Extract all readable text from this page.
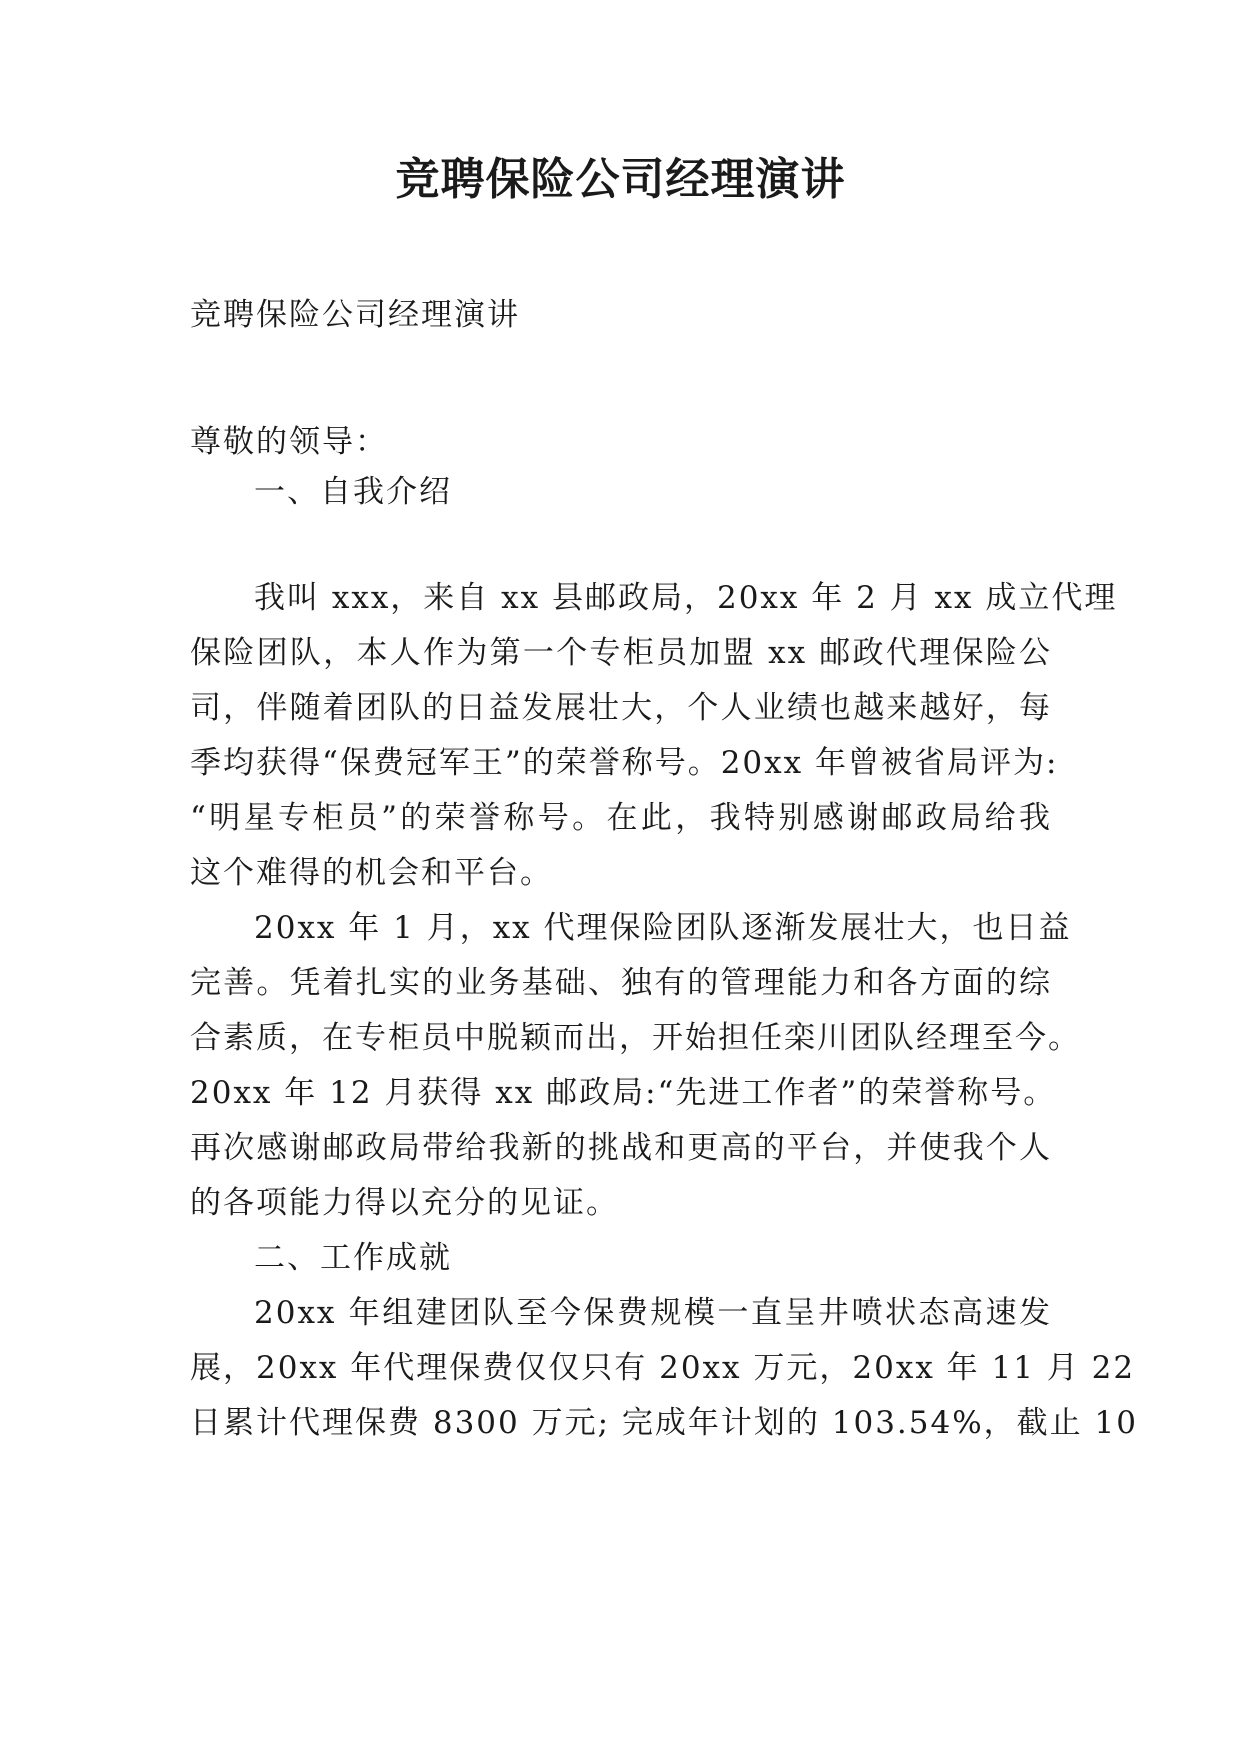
竞聘保险公司经理演讲

竞聘保险公司经理演讲

尊敬的领导：

一、自我介绍

我叫 xxx，来自 xx 县邮政局，20xx 年 2 月 xx 成立代理

保险团队，本人作为第一个专柜员加盟 xx 邮政代理保险公

司，伴随着团队的日益发展壮大，个人业绩也越来越好，每

季均获得“保费冠军王”的荣誉称号。20xx 年曾被省局评为:

“明星专柜员”的荣誉称号。在此，我特别感谢邮政局给我

这个难得的机会和平台。

20xx 年 1 月，xx 代理保险团队逐渐发展壮大，也日益

完善。凭着扎实的业务基础、独有的管理能力和各方面的综

合素质，在专柜员中脱颖而出，开始担任栾川团队经理至今。

20xx 年 12 月获得 xx 邮政局:“先进工作者”的荣誉称号。

再次感谢邮政局带给我新的挑战和更高的平台，并使我个人

的各项能力得以充分的见证。

二、工作成就

20xx 年组建团队至今保费规模一直呈井喷状态高速发

展，20xx 年代理保费仅仅只有 20xx 万元，20xx 年 11 月 22

日累计代理保费 8300 万元; 完成年计划的 103.54%，截止 10
